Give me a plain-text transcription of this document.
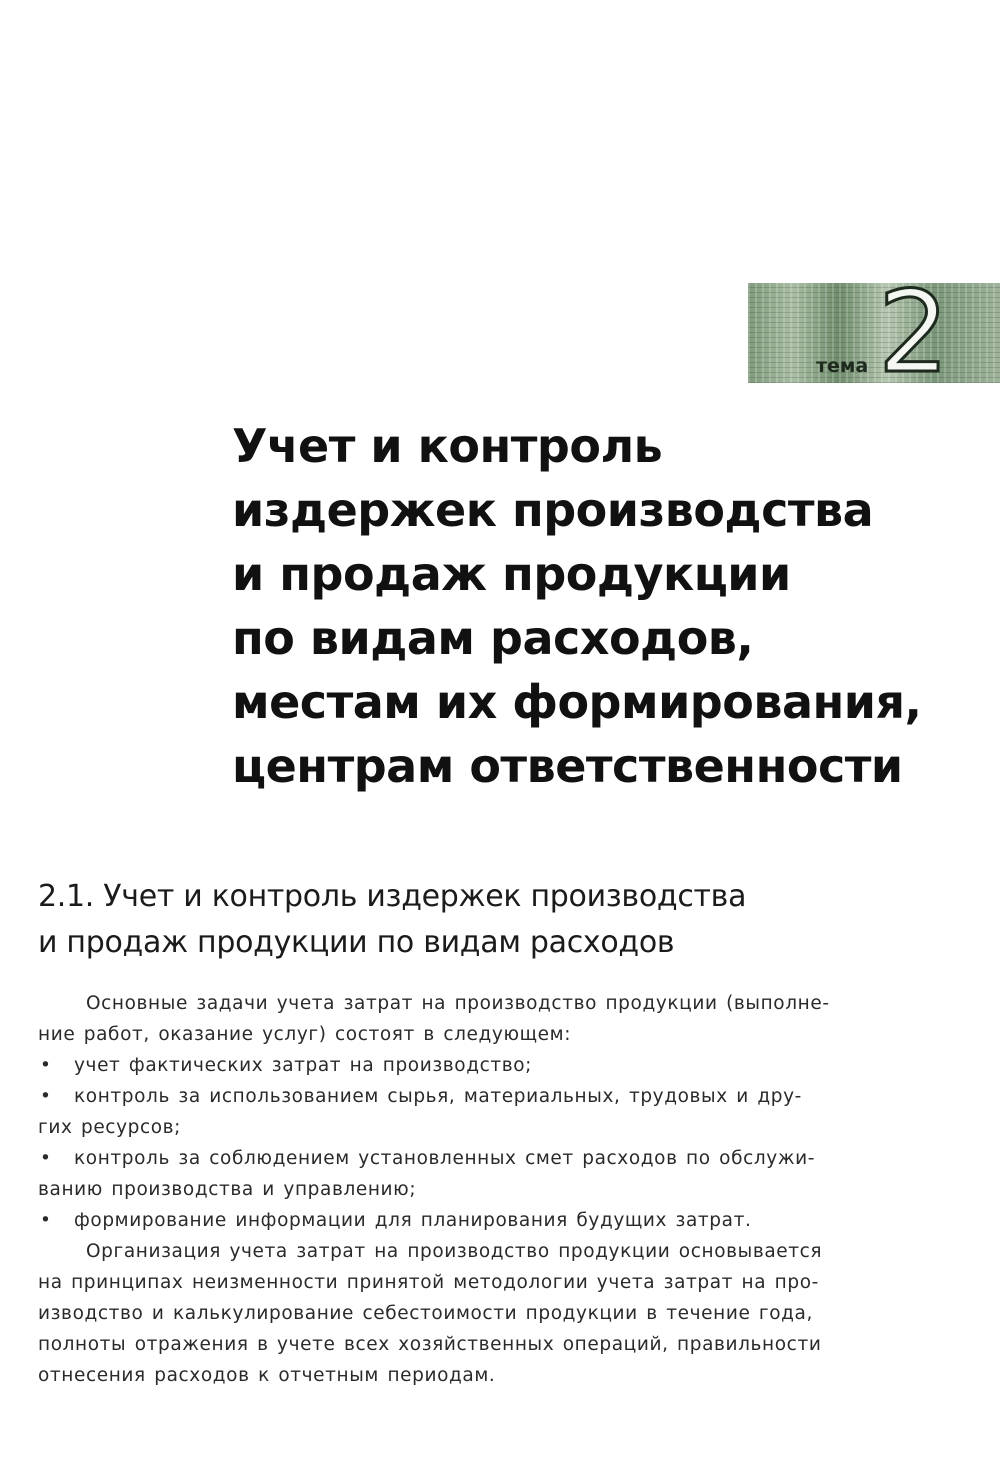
тема 2
Учет и контроль
издержек производства
и продаж продукции
по видам расходов,
местам их формирования,
центрам ответственности
2.1. Учет и контроль издержек производства
и продаж продукции по видам расходов
Основные задачи учета затрат на производство продукции (выполне-
ние работ, оказание услуг) состоят в следующем:
• учет фактических затрат на производство;
• контроль за использованием сырья, материальных, трудовых и дру-
гих ресурсов;
• контроль за соблюдением установленных смет расходов по обслужи-
ванию производства и управлению;
• формирование информации для планирования будущих затрат.
Организация учета затрат на производство продукции основывается
на принципах неизменности принятой методологии учета затрат на про-
изводство и калькулирование себестоимости продукции в течение года,
полноты отражения в учете всех хозяйственных операций, правильности
отнесения расходов к отчетным периодам.
